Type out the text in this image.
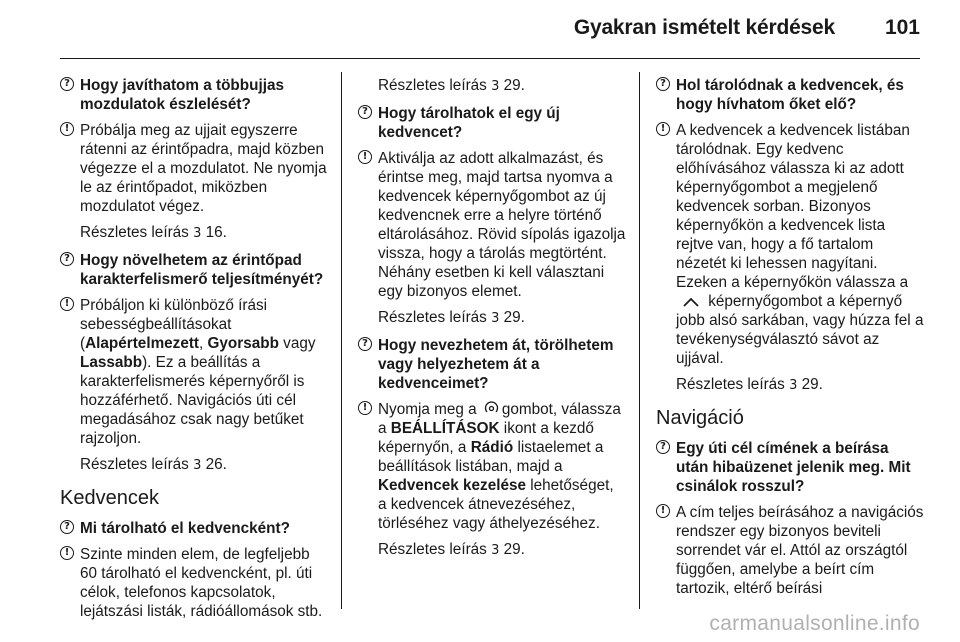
Gyakran ismételt kérdések 101
? Hogy javíthatom a többujjas mozdulatok észlelését?
! Próbálja meg az ujjait egyszerre rátenni az érintőpadra, majd közben végezze el a mozdulatot. Ne nyomja le az érintőpadot, miközben mozdulatot végez.
Részletes leírás 3 16.
? Hogy növelhetem az érintőpad karakterfelismerő teljesítményét?
! Próbáljon ki különböző írási sebességbeállításokat (Alapértelmezett, Gyorsabb vagy Lassabb). Ez a beállítás a karakterfelismerés képernyőről is hozzáférhető. Navigációs úti cél megadásához csak nagy betűket rajzoljon.
Részletes leírás 3 26.
Kedvencek
? Mi tárolható el kedvencként?
! Szinte minden elem, de legfeljebb 60 tárolható el kedvencként, pl. úti célok, telefonos kapcsolatok, lejátszási listák, rádióállomások stb.
Részletes leírás 3 29.
? Hogy tárolhatok el egy új kedvencet?
! Aktiválja az adott alkalmazást, és érintse meg, majd tartsa nyomva a kedvencek képernyőgombot az új kedvencnek erre a helyre történő eltárolásához. Rövid sípolás igazolja vissza, hogy a tárolás megtörtént. Néhány esetben ki kell választani egy bizonyos elemet.
Részletes leírás 3 29.
? Hogy nevezhetem át, törölhetem vagy helyezhetem át a kedvenceimet?
! Nyomja meg a gombot, válassza a BEÁLLÍTÁSOK ikont a kezdő képernyőn, a Rádió listaelemet a beállítások listában, majd a Kedvencek kezelése lehetőséget, a kedvencek átnevezéséhez, törléséhez vagy áthelyezéséhez.
Részletes leírás 3 29.
? Hol tárolódnak a kedvencek, és hogy hívhatom őket elő?
! A kedvencek a kedvencek listában tárolódnak. Egy kedvenc előhívásához válassza ki az adott képernyőgombot a megjelenő kedvencek sorban. Bizonyos képernyőkön a kedvencek lista rejtve van, hogy a fő tartalom nézetét ki lehessen nagyítani. Ezeken a képernyőkön válassza a  képernyőgombot a képernyő jobb alsó sarkában, vagy húzza fel a tevékenységválasztó sávot az ujjával.
Részletes leírás 3 29.
Navigáció
? Egy úti cél címének a beírása után hibaüzenet jelenik meg. Mit csinálok rosszul?
! A cím teljes beírásához a navigációs rendszer egy bizonyos beviteli sorrendet vár el. Attól az országtól függően, amelybe a beírt cím tartozik, eltérő beírási
carmanualsonline.info
